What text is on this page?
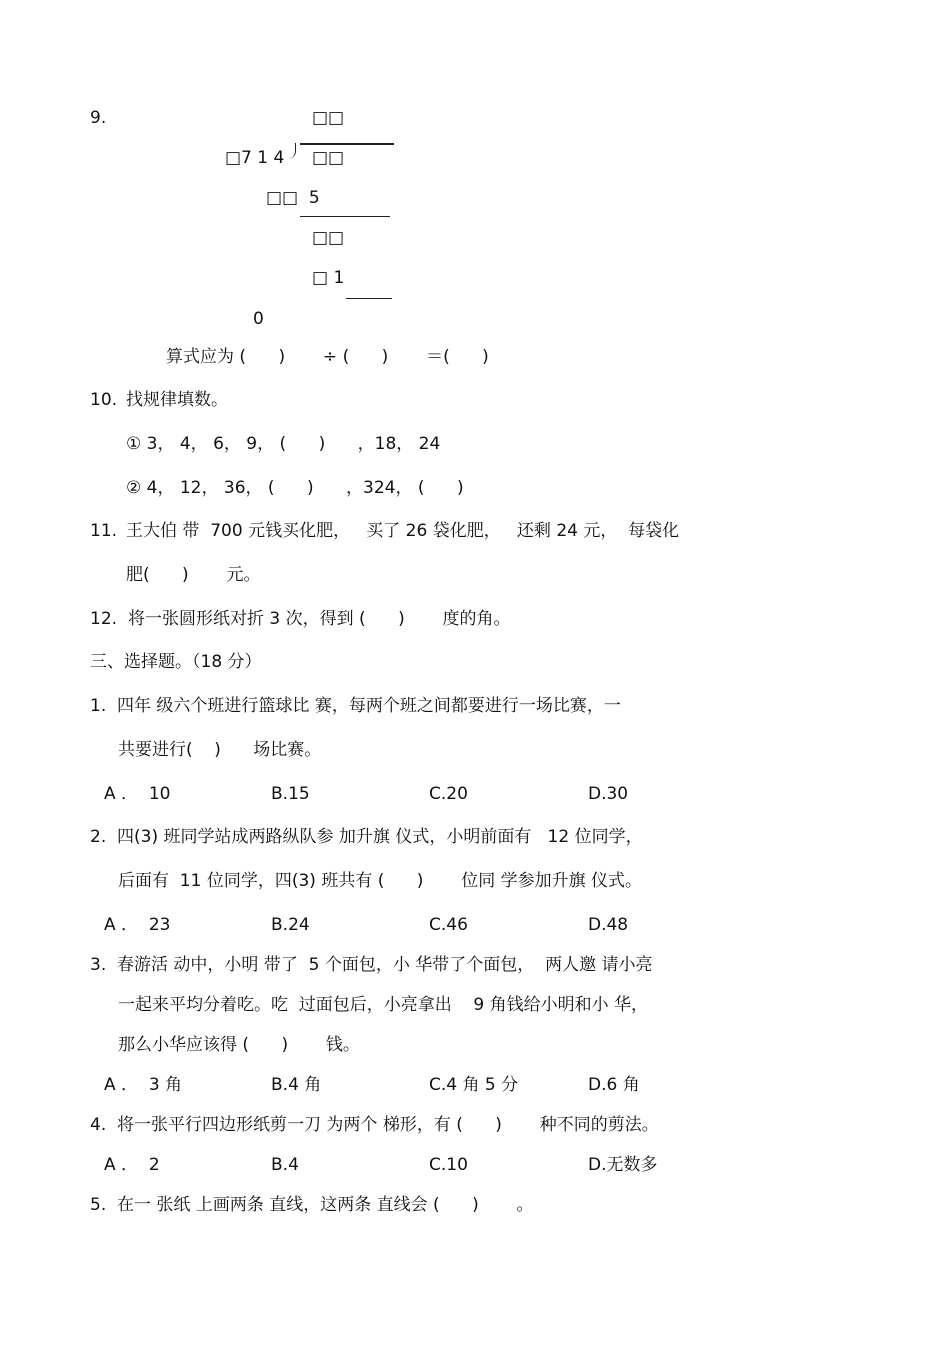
9.	□□
□7 1 4 □□
□□  5
□□
□ 1
0
算式应为 (      )       ÷ (      )       ＝(      )
10. 找规律填数。
① 3， 4， 6， 9， (      )      ，18， 24
② 4， 12， 36， (      )      ，324， (      )
11. 王大伯 带  700 元钱买化肥，   买了 26 袋化肥，   还剩 24 元，  每袋化
肥(      )       元。
12. 将一张圆形纸对折 3 次，得到 (      )       度的角。
三、选择题。（18 分）
1.  四年 级六个班进行篮球比 赛，每两个班之间都要进行一场比赛，一
共要进行(    )      场比赛。
A ．  10	B.15	C.20	D.30
2.  四(3) 班同学站成两路纵队参 加升旗 仪式，小明前面有   12 位同学，
后面有  11 位同学，四(3) 班共有 (      )       位同 学参加升旗 仪式。
A ．  23	B.24	C.46	D.48
3.  春游活 动中，小明 带了  5 个面包，小 华带了个面包，  两人邀 请小亮
一起来平均分着吃。吃  过面包后，小亮拿出    9 角钱给小明和小 华，
那么小华应该得 (      )       钱。
A ．  3 角	B.4 角	C.4 角 5 分	D.6 角
4.  将一张平行四边形纸剪一刀 为两个 梯形，有 (      )       种不同的剪法。
A ．  2	B.4	C.10	D.无数多
5.  在一 张纸 上画两条 直线，这两条 直线会 (      )       。
